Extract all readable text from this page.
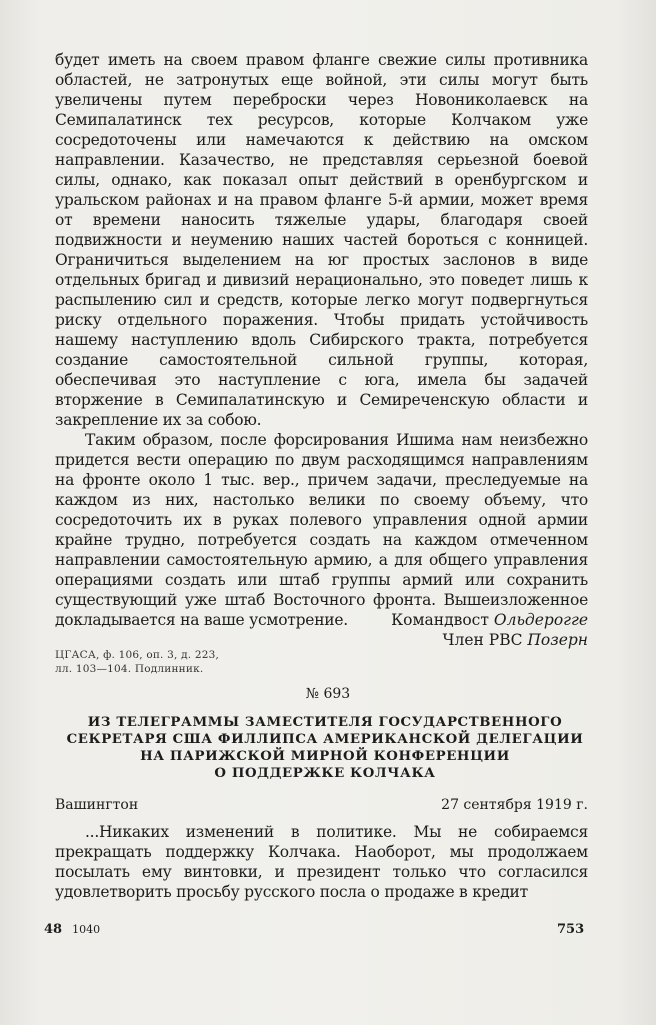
будет иметь на своем правом фланге свежие силы противника областей, не затронутых еще войной, эти силы могут быть увеличены путем переброски через Новониколаевск на Семипалатинск тех ресурсов, которые Колчаком уже сосредоточены или намечаются к действию на омском направлении. Казачество, не представляя серьезной боевой силы, однако, как показал опыт действий в оренбургском и уральском районах и на правом фланге 5-й армии, может время от времени наносить тяжелые удары, благодаря своей подвижности и неумению наших частей бороться с конницей. Ограничиться выделением на юг простых заслонов в виде отдельных бригад и дивизий нерационально, это поведет лишь к распылению сил и средств, которые легко могут подвергнуться риску отдельного поражения. Чтобы придать устойчивость нашему наступлению вдоль Сибирского тракта, потребуется создание самостоятельной сильной группы, которая, обеспечивая это наступление с юга, имела бы задачей вторжение в Семипалатинскую и Семиреченскую области и закрепление их за собою.

Таким образом, после форсирования Ишима нам неизбежно придется вести операцию по двум расходящимся направлениям на фронте около 1 тыс. вер., причем задачи, преследуемые на каждом из них, настолько велики по своему объему, что сосредоточить их в руках полевого управления одной армии крайне трудно, потребуется создать на каждом отмеченном направлении самостоятельную армию, а для общего управления операциями создать или штаб группы армий или сохранить существующий уже штаб Восточного фронта. Вышеизложенное докладывается на ваше усмотрение.	Командвост Ольдерогге
Член РВС Позерн
ЦГАСА, ф. 106, оп. 3, д. 223,
лл. 103—104. Подлинник.
№ 693
ИЗ ТЕЛЕГРАММЫ ЗАМЕСТИТЕЛЯ ГОСУДАРСТВЕННОГО
СЕКРЕТАРЯ США ФИЛЛИПСА АМЕРИКАНСКОЙ ДЕЛЕГАЦИИ
НА ПАРИЖСКОЙ МИРНОЙ КОНФЕРЕНЦИИ
О ПОДДЕРЖКЕ КОЛЧАКА
Вашингтон	27 сентября 1919 г.

...Никаких изменений в политике. Мы не собираемся прекращать поддержку Колчака. Наоборот, мы продолжаем посылать ему винтовки, и президент только что согласился удовлетворить просьбу русского посла о продаже в кредит

48 1040	753
